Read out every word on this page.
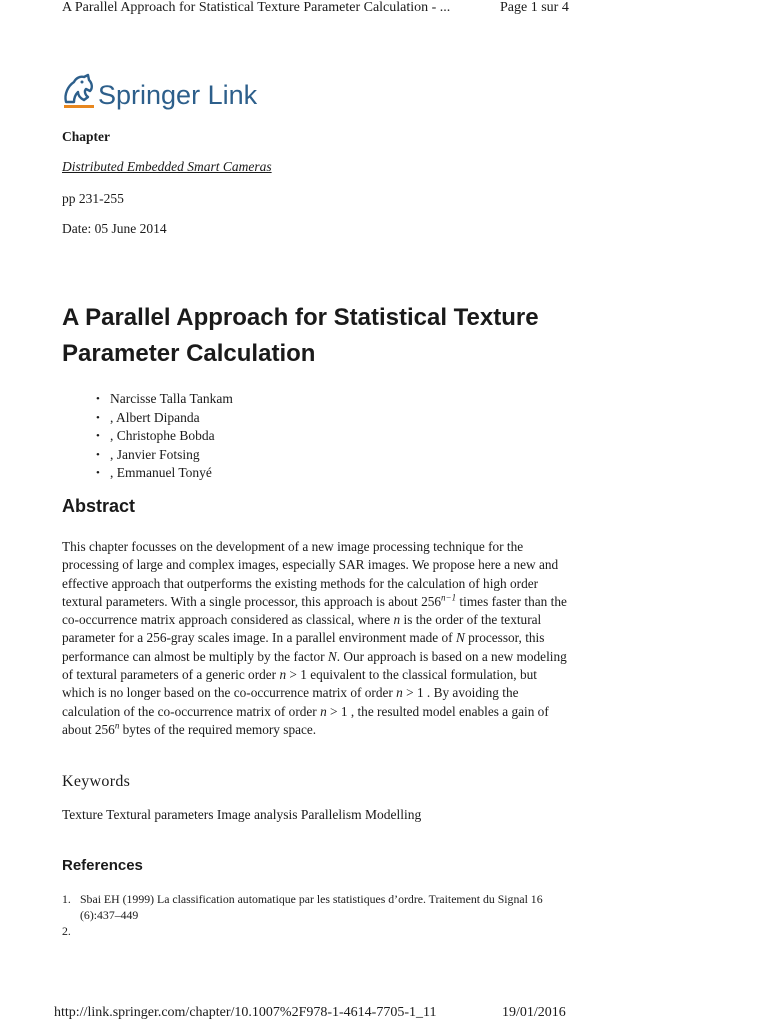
A Parallel Approach for Statistical Texture Parameter Calculation - ...	Page 1 sur 4
Springer Link
Chapter
Distributed Embedded Smart Cameras
pp 231-255
Date: 05 June 2014
A Parallel Approach for Statistical Texture Parameter Calculation
• Narcisse Talla Tankam
• , Albert Dipanda
• , Christophe Bobda
• , Janvier Fotsing
• , Emmanuel Tonyé
Abstract

This chapter focusses on the development of a new image processing technique for the processing of large and complex images, especially SAR images. We propose here a new and effective approach that outperforms the existing methods for the calculation of high order textural parameters. With a single processor, this approach is about $256^{n-1}$ times faster than the co-occurrence matrix approach considered as classical, where n is the order of the textural parameter for a 256-gray scales image. In a parallel environment made of N processor, this performance can almost be multiply by the factor N. Our approach is based on a new modeling of textural parameters of a generic order n > 1 equivalent to the classical formulation, but which is no longer based on the co-occurrence matrix of order n > 1 . By avoiding the calculation of the co-occurrence matrix of order n > 1 , the resulted model enables a gain of about 256$^n$ bytes of the required memory space.

Keywords
Texture Textural parameters Image analysis Parallelism Modelling
References
1. Sbai EH (1999) La classification automatique par les statistiques d’ordre. Traitement du Signal 16 (6):437–449
2.
http://link.springer.com/chapter/10.1007%2F978-1-4614-7705-1_11	19/01/2016
